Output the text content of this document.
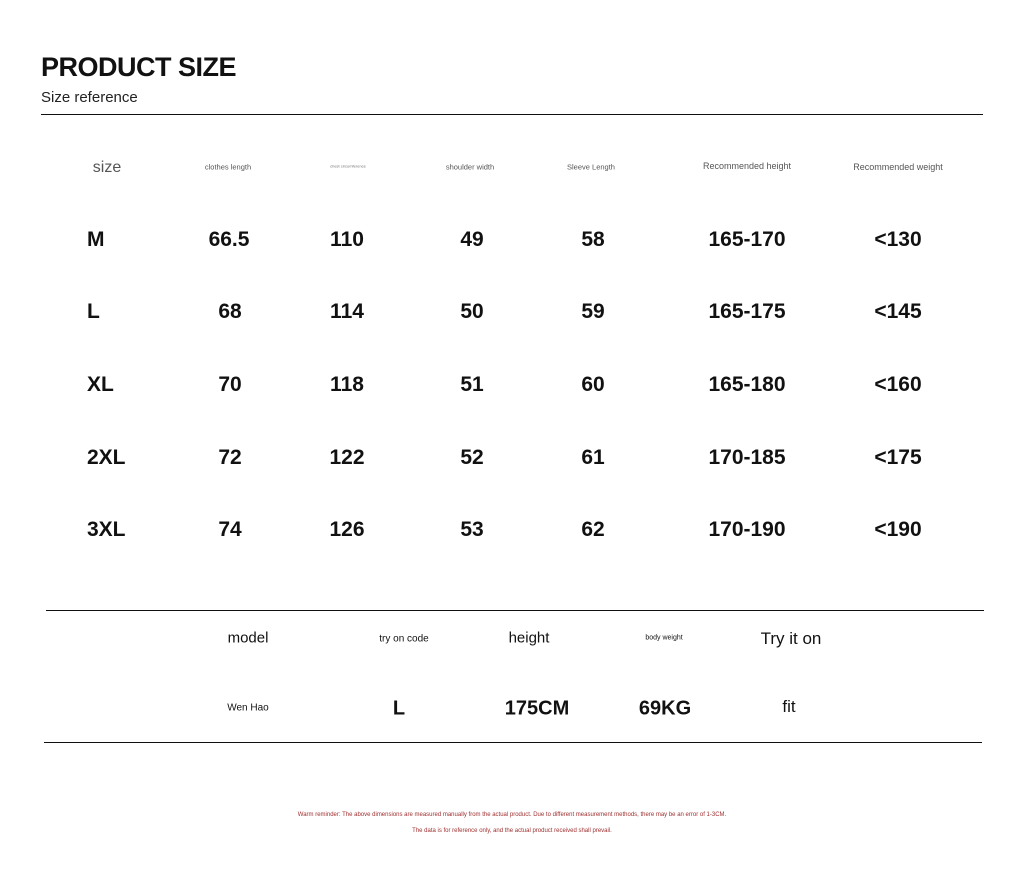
PRODUCT SIZE
Size reference
size	clothes length	chest circumference	shoulder width	Sleeve Length	Recommended height	Recommended weight
M	66.5	110	49	58	165-170	<130
L	68	114	50	59	165-175	<145
XL	70	118	51	60	165-180	<160
2XL	72	122	52	61	170-185	<175
3XL	74	126	53	62	170-190	<190
model	try on code	height	body weight	Try it on
Wen Hao	L	175CM	69KG	fit
Warm reminder: The above dimensions are measured manually from the actual product. Due to different measurement methods, there may be an error of 1-3CM.
The data is for reference only, and the actual product received shall prevail.
